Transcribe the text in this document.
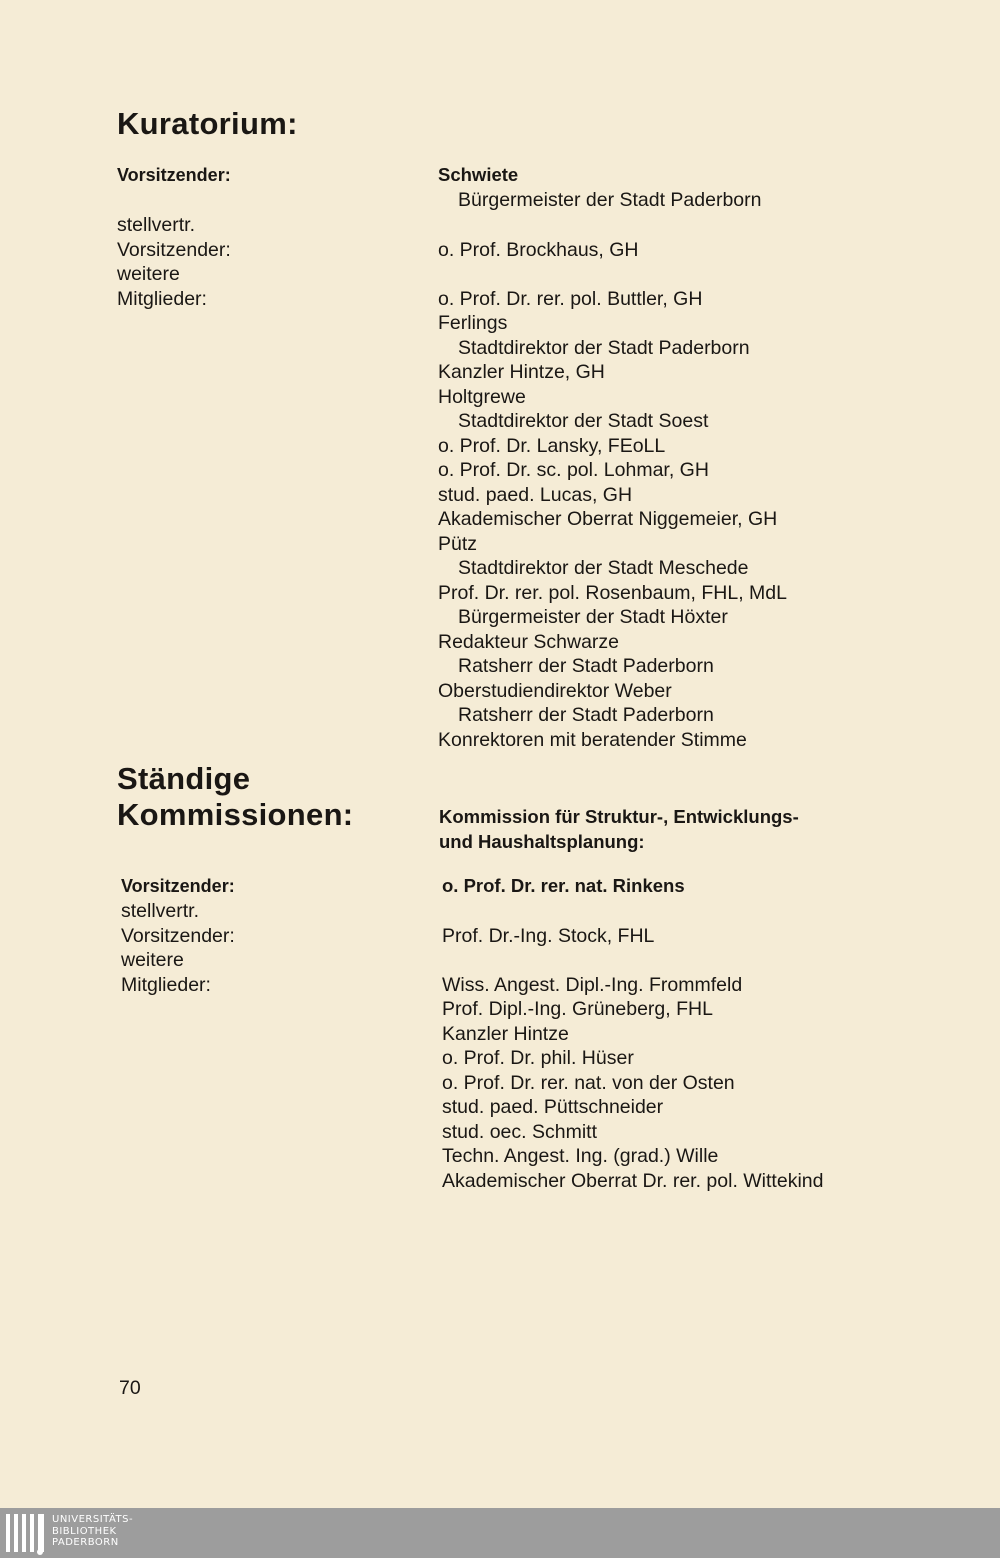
Kuratorium:
Vorsitzender:
stellvertr.
Vorsitzender:
weitere
Mitglieder:
Schwiete
Bürgermeister der Stadt Paderborn
o. Prof. Brockhaus, GH
o. Prof. Dr. rer. pol. Buttler, GH
Ferlings
Stadtdirektor der Stadt Paderborn
Kanzler Hintze, GH
Holtgrewe
Stadtdirektor der Stadt Soest
o. Prof. Dr. Lansky, FEoLL
o. Prof. Dr. sc. pol. Lohmar, GH
stud. paed. Lucas, GH
Akademischer Oberrat Niggemeier, GH
Pütz
Stadtdirektor der Stadt Meschede
Prof. Dr. rer. pol. Rosenbaum, FHL, MdL
Bürgermeister der Stadt Höxter
Redakteur Schwarze
Ratsherr der Stadt Paderborn
Oberstudiendirektor Weber
Ratsherr der Stadt Paderborn
Konrektoren mit beratender Stimme
Ständige
Kommissionen:	Kommission für Struktur-, Entwicklungs-
und Haushaltsplanung:
Vorsitzender:
stellvertr.
Vorsitzender:
weitere
Mitglieder:
o. Prof. Dr. rer. nat. Rinkens
Prof. Dr.-Ing. Stock, FHL
Wiss. Angest. Dipl.-Ing. Frommfeld
Prof. Dipl.-Ing. Grüneberg, FHL
Kanzler Hintze
o. Prof. Dr. phil. Hüser
o. Prof. Dr. rer. nat. von der Osten
stud. paed. Püttschneider
stud. oec. Schmitt
Techn. Angest. Ing. (grad.) Wille
Akademischer Oberrat Dr. rer. pol. Wittekind
70
UNIVERSITÄTS-
BIBLIOTHEK
PADERBORN
